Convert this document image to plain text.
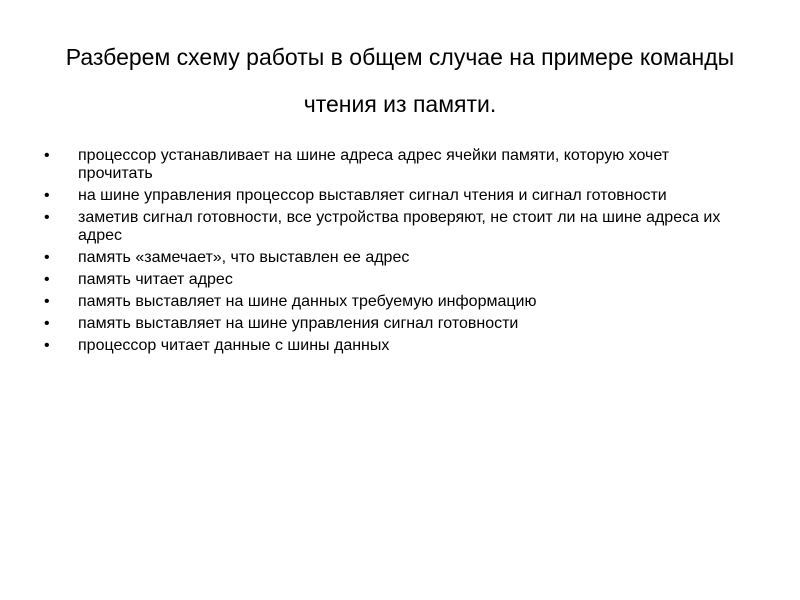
Разберем схему работы в общем случае на примере команды чтения из памяти.
•	процессор устанавливает на шине адреса адрес ячейки памяти, которую хочет прочитать
•	на шине управления процессор выставляет сигнал чтения и сигнал готовности
•	заметив сигнал готовности, все устройства проверяют, не стоит ли на шине адреса их адрес
•	память «замечает», что выставлен ее адрес
•	память читает адрес
•	память выставляет на шине данных требуемую информацию
•	память выставляет на шине управления сигнал готовности
•	процессор читает данные с шины данных
